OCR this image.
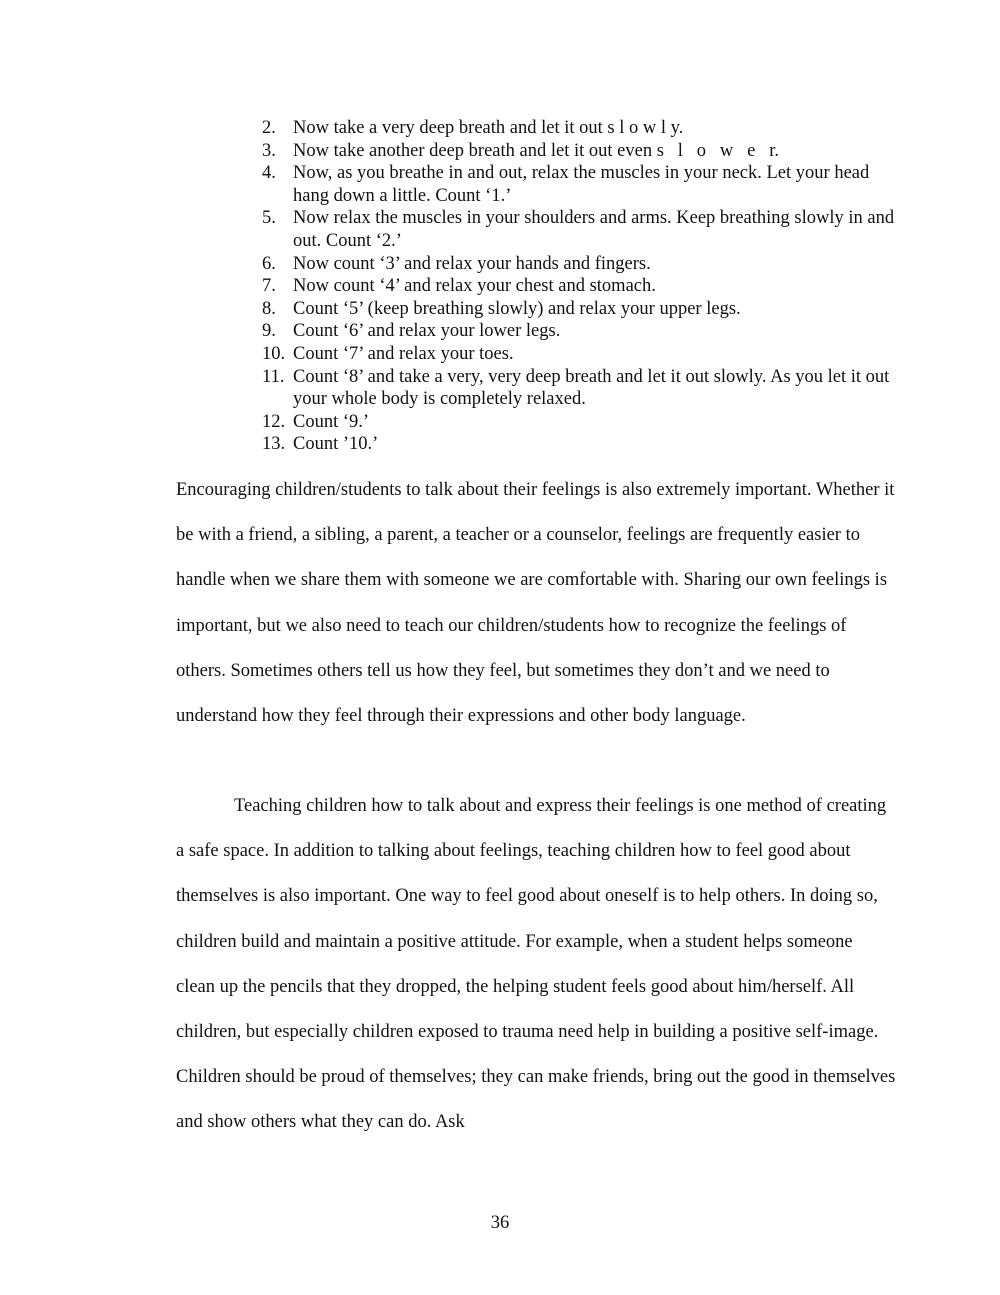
2. Now take a very deep breath and let it out s l o w l y.
3. Now take another deep breath and let it out even s   l   o   w   e   r.
4. Now, as you breathe in and out, relax the muscles in your neck. Let your head hang down a little. Count ‘1.’
5. Now relax the muscles in your shoulders and arms. Keep breathing slowly in and out. Count ‘2.’
6. Now count ‘3’ and relax your hands and fingers.
7. Now count ‘4’ and relax your chest and stomach.
8. Count ‘5’ (keep breathing slowly) and relax your upper legs.
9. Count ‘6’ and relax your lower legs.
10. Count ‘7’ and relax your toes.
11. Count ‘8’ and take a very, very deep breath and let it out slowly. As you let it out your whole body is completely relaxed.
12. Count ‘9.’
13. Count ’10.’

Encouraging children/students to talk about their feelings is also extremely important. Whether it be with a friend, a sibling, a parent, a teacher or a counselor, feelings are frequently easier to handle when we share them with someone we are comfortable with. Sharing our own feelings is important, but we also need to teach our children/students how to recognize the feelings of others. Sometimes others tell us how they feel, but sometimes they don’t and we need to understand how they feel through their expressions and other body language.

Teaching children how to talk about and express their feelings is one method of creating a safe space. In addition to talking about feelings, teaching children how to feel good about themselves is also important. One way to feel good about oneself is to help others. In doing so, children build and maintain a positive attitude. For example, when a student helps someone clean up the pencils that they dropped, the helping student feels good about him/herself. All children, but especially children exposed to trauma need help in building a positive self-image. Children should be proud of themselves; they can make friends, bring out the good in themselves and show others what they can do. Ask

36
